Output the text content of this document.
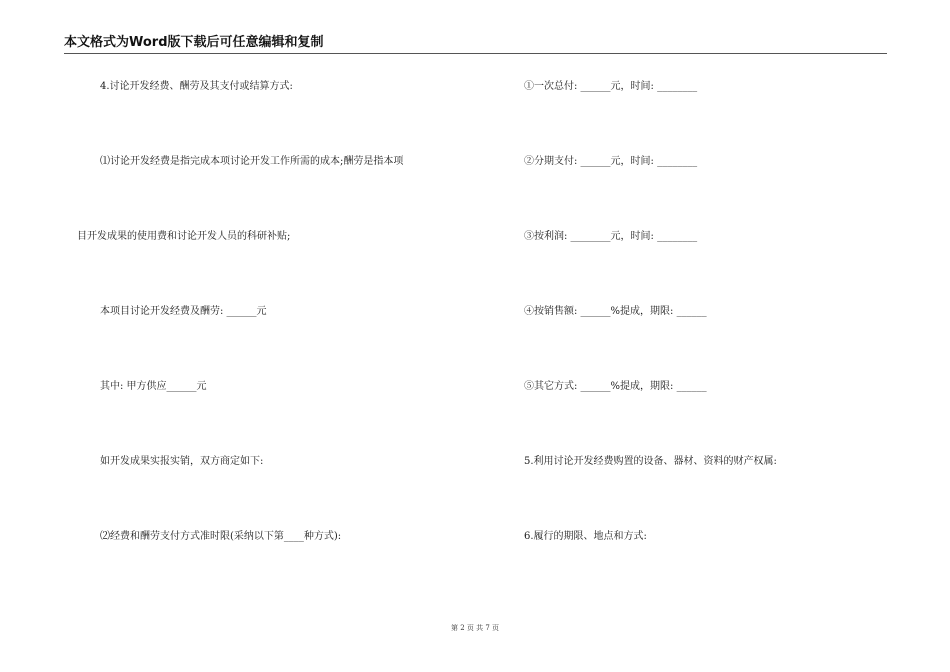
本文格式为Word版下载后可任意编辑和复制
4.讨论开发经费、酬劳及其支付或结算方式:
⑴讨论开发经费是指完成本项讨论开发工作所需的成本;酬劳是指本项
目开发成果的使用费和讨论开发人员的科研补贴;
本项目讨论开发经费及酬劳: ______元
其中: 甲方供应______元
如开发成果实报实销，双方商定如下:
⑵经费和酬劳支付方式准时限(采纳以下第____种方式):
①一次总付: ______元，时间: ________
②分期支付: ______元，时间: ________
③按利润: ________元，时间: ________
④按销售额: ______%提成，期限: ______
⑤其它方式: ______%提成，期限: ______
5.利用讨论开发经费购置的设备、器材、资料的财产权属:
6.履行的期限、地点和方式:
第 2 页 共 7 页
